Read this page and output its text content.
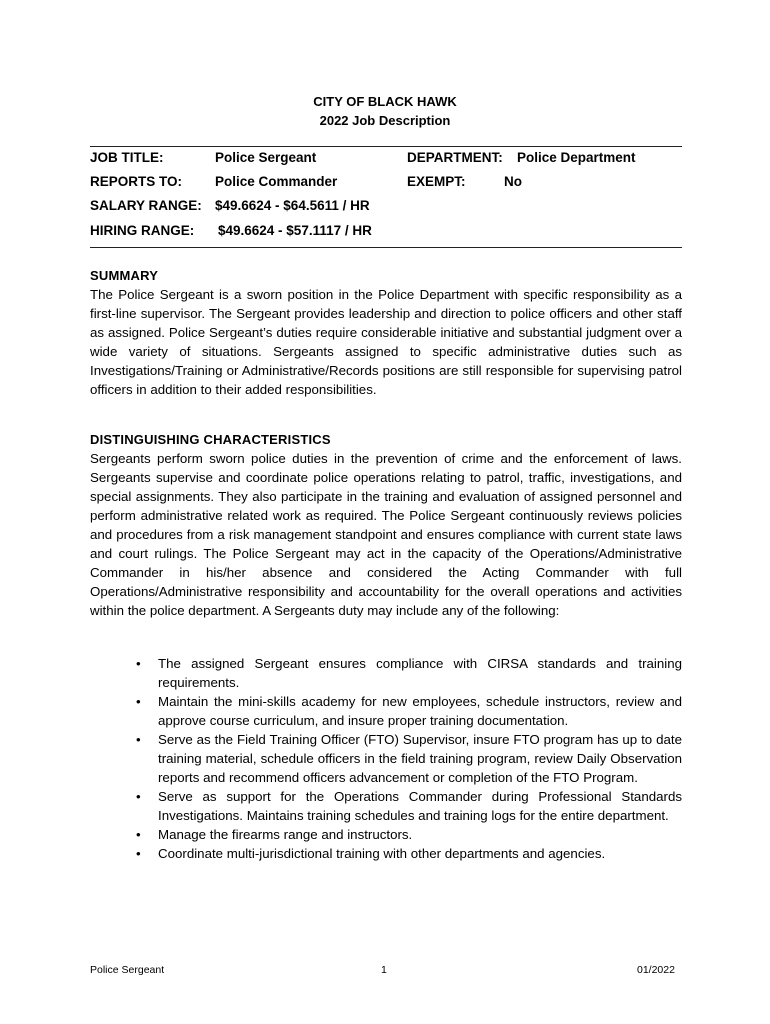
CITY OF BLACK HAWK
2022 Job Description
JOB TITLE:	Police Sergeant	DEPARTMENT: Police Department
REPORTS TO: Police Commander	EXEMPT:	No
SALARY RANGE: $49.6624 - $64.5611 / HR
HIRING RANGE: $49.6624 - $57.1117 / HR
SUMMARY

The Police Sergeant is a sworn position in the Police Department with specific responsibility as a first-line supervisor. The Sergeant provides leadership and direction to police officers and other staff as assigned. Police Sergeant’s duties require considerable initiative and substantial judgment over a wide variety of situations. Sergeants assigned to specific administrative duties such as Investigations/Training or Administrative/Records positions are still responsible for supervising patrol officers in addition to their added responsibilities.

DISTINGUISHING CHARACTERISTICS

Sergeants perform sworn police duties in the prevention of crime and the enforcement of laws. Sergeants supervise and coordinate police operations relating to patrol, traffic, investigations, and special assignments. They also participate in the training and evaluation of assigned personnel and perform administrative related work as required. The Police Sergeant continuously reviews policies and procedures from a risk management standpoint and ensures compliance with current state laws and court rulings. The Police Sergeant may act in the capacity of the Operations/Administrative Commander in his/her absence and considered the Acting Commander with full Operations/Administrative responsibility and accountability for the overall operations and activities within the police department. A Sergeants duty may include any of the following:

• The assigned Sergeant ensures compliance with CIRSA standards and training requirements.
• Maintain the mini-skills academy for new employees, schedule instructors, review and approve course curriculum, and insure proper training documentation.
• Serve as the Field Training Officer (FTO) Supervisor, insure FTO program has up to date training material, schedule officers in the field training program, review Daily Observation reports and recommend officers advancement or completion of the FTO Program.
• Serve as support for the Operations Commander during Professional Standards Investigations. Maintains training schedules and training logs for the entire department.
• Manage the firearms range and instructors.
• Coordinate multi-jurisdictional training with other departments and agencies.
Police Sergeant	1	01/2022
